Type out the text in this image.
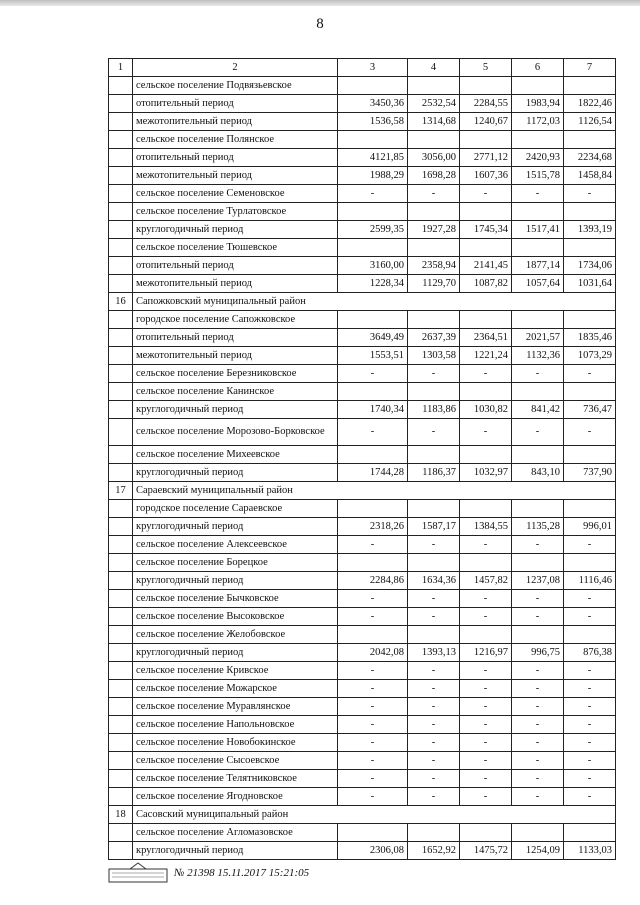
8
1	2	3	4	5	6	7
	сельское поселение Подвязьевское					
	отопительный период	3450,36	2532,54	2284,55	1983,94	1822,46
	межотопительный период	1536,58	1314,68	1240,67	1172,03	1126,54
	сельское поселение Полянское					
	отопительный период	4121,85	3056,00	2771,12	2420,93	2234,68
	межотопительный период	1988,29	1698,28	1607,36	1515,78	1458,84
	сельское поселение Семеновское	-	-	-	-	-
	сельское поселение Турлатовское					
	круглогодичный период	2599,35	1927,28	1745,34	1517,41	1393,19
	сельское поселение Тюшевское					
	отопительный период	3160,00	2358,94	2141,45	1877,14	1734,06
	межотопительный период	1228,34	1129,70	1087,82	1057,64	1031,64
16	Сапожковский муниципальный район					
	городское поселение Сапожковское					
	отопительный период	3649,49	2637,39	2364,51	2021,57	1835,46
	межотопительный период	1553,51	1303,58	1221,24	1132,36	1073,29
	сельское поселение Березниковское	-	-	-	-	-
	сельское поселение Канинское					
	круглогодичный период	1740,34	1183,86	1030,82	841,42	736,47
	сельское поселение Морозово-Борковское	-	-	-	-	-
	сельское поселение Михеевское					
	круглогодичный период	1744,28	1186,37	1032,97	843,10	737,90
17	Сараевский муниципальный район					
	городское поселение Сараевское					
	круглогодичный период	2318,26	1587,17	1384,55	1135,28	996,01
	сельское поселение Алексеевское	-	-	-	-	-
	сельское поселение Борецкое					
	круглогодичный период	2284,86	1634,36	1457,82	1237,08	1116,46
	сельское поселение Бычковское	-	-	-	-	-
	сельское поселение Высоковское	-	-	-	-	-
	сельское поселение Желобовское					
	круглогодичный период	2042,08	1393,13	1216,97	996,75	876,38
	сельское поселение Кривское	-	-	-	-	-
	сельское поселение Можарское	-	-	-	-	-
	сельское поселение Муравлянское	-	-	-	-	-
	сельское поселение Напольновское	-	-	-	-	-
	сельское поселение Новобокинское	-	-	-	-	-
	сельское поселение Сысоевское	-	-	-	-	-
	сельское поселение Телятниковское	-	-	-	-	-
	сельское поселение Ягодновское	-	-	-	-	-
18	Сасовский муниципальный район					
	сельское поселение Агломазовское					
	круглогодичный период	2306,08	1652,92	1475,72	1254,09	1133,03
№ 21398 15.11.2017 15:21:05
